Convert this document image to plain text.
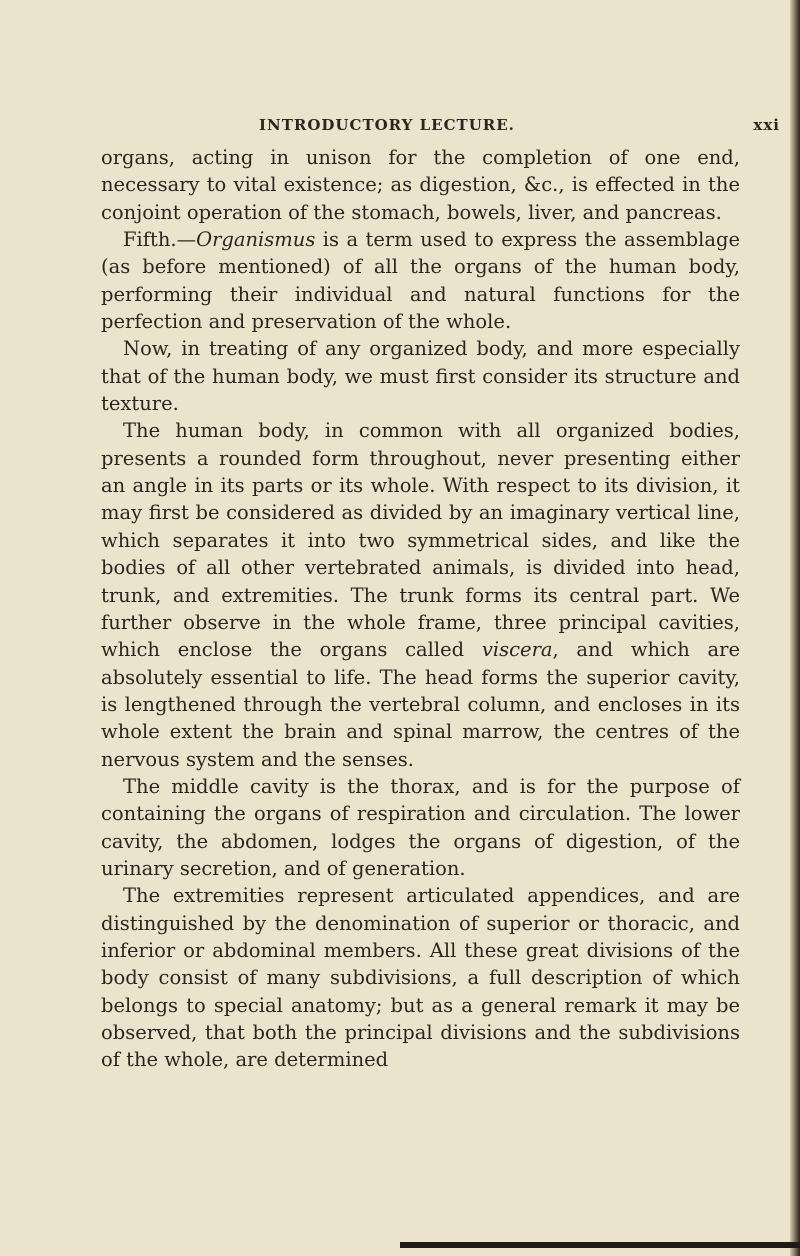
INTRODUCTORY LECTURE.	xxi

organs, acting in unison for the completion of one end, necessary to vital existence; as digestion, &c., is effected in the conjoint operation of the stomach, bowels, liver, and pancreas.

Fifth.—Organismus is a term used to express the assemblage (as before mentioned) of all the organs of the human body, performing their individual and natural functions for the perfection and preservation of the whole.

Now, in treating of any organized body, and more especially that of the human body, we must first consider its structure and texture.

The human body, in common with all organized bodies, presents a rounded form throughout, never presenting either an angle in its parts or its whole. With respect to its division, it may first be considered as divided by an imaginary vertical line, which separates it into two symmetrical sides, and like the bodies of all other vertebrated animals, is divided into head, trunk, and extremities. The trunk forms its central part. We further observe in the whole frame, three principal cavities, which enclose the organs called viscera, and which are absolutely essential to life. The head forms the superior cavity, is lengthened through the vertebral column, and encloses in its whole extent the brain and spinal marrow, the centres of the nervous system and the senses.

The middle cavity is the thorax, and is for the purpose of containing the organs of respiration and circulation. The lower cavity, the abdomen, lodges the organs of digestion, of the urinary secretion, and of generation.

The extremities represent articulated appendices, and are distinguished by the denomination of superior or thoracic, and inferior or abdominal members. All these great divisions of the body consist of many subdivisions, a full description of which belongs to special anatomy; but as a general remark it may be observed, that both the principal divisions and the subdivisions of the whole, are determined
